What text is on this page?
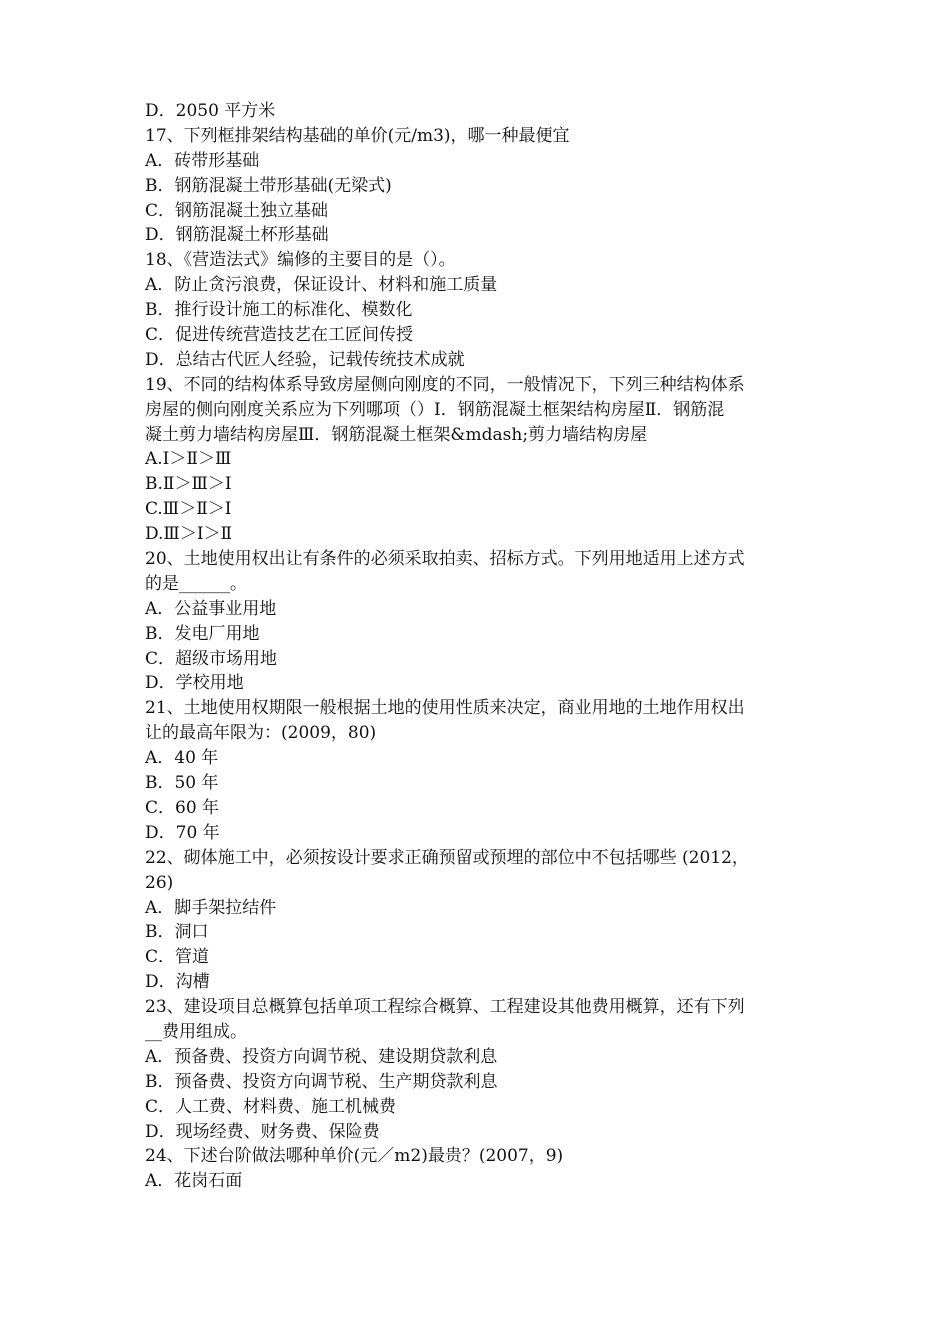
D．2050 平方米
17、下列框排架结构基础的单价(元/m3)，哪一种最便宜
A．砖带形基础
B．钢筋混凝土带形基础(无梁式)
C．钢筋混凝土独立基础
D．钢筋混凝土杯形基础
18、《营造法式》编修的主要目的是（）。
A．防止贪污浪费，保证设计、材料和施工质量
B．推行设计施工的标准化、模数化
C．促进传统营造技艺在工匠间传授
D．总结古代匠人经验，记载传统技术成就
19、不同的结构体系导致房屋侧向刚度的不同，一般情况下，下列三种结构体系
房屋的侧向刚度关系应为下列哪项（）Ⅰ．钢筋混凝土框架结构房屋Ⅱ．钢筋混
凝土剪力墙结构房屋Ⅲ．钢筋混凝土框架&mdash;剪力墙结构房屋
A.Ⅰ＞Ⅱ＞Ⅲ
B.Ⅱ＞Ⅲ＞Ⅰ
C.Ⅲ＞Ⅱ＞Ⅰ
D.Ⅲ＞Ⅰ＞Ⅱ
20、土地使用权出让有条件的必须采取拍卖、招标方式。下列用地适用上述方式
的是______。
A．公益事业用地
B．发电厂用地
C．超级市场用地
D．学校用地
21、土地使用权期限一般根据土地的使用性质来决定，商业用地的土地作用权出
让的最高年限为：(2009，80)
A．40 年
B．50 年
C．60 年
D．70 年
22、砌体施工中，必须按设计要求正确预留或预埋的部位中不包括哪些 (2012，
26)
A．脚手架拉结件
B．洞口
C．管道
D．沟槽
23、建设项目总概算包括单项工程综合概算、工程建设其他费用概算，还有下列
__费用组成。
A．预备费、投资方向调节税、建设期贷款利息
B．预备费、投资方向调节税、生产期贷款利息
C．人工费、材料费、施工机械费
D．现场经费、财务费、保险费
24、下述台阶做法哪种单价(元／m2)最贵？(2007，9)
A．花岗石面
